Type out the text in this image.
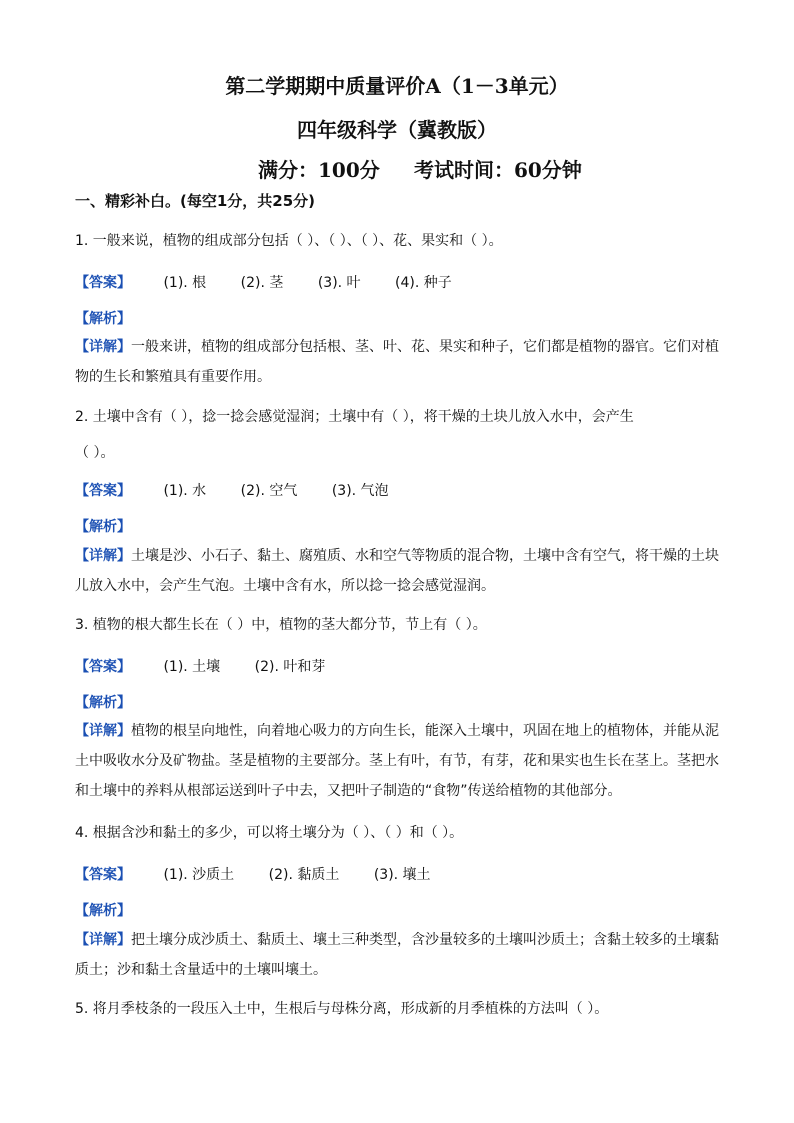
第二学期期中质量评价A（1－3单元）
四年级科学（冀教版）
满分：100分 考试时间：60分钟
一、精彩补白。(每空1分，共25分)
1. 一般来说，植物的组成部分包括（ ）、（ ）、（ ）、花、果实和（ ）。
【答案】 (1). 根 (2). 茎 (3). 叶 (4). 种子
【解析】
【详解】一般来讲，植物的组成部分包括根、茎、叶、花、果实和种子，它们都是植物的器官。它们对植物的生长和繁殖具有重要作用。
2. 土壤中含有（ ），捻一捻会感觉湿润；土壤中有（ ），将干燥的土块儿放入水中，会产生
（ ）。
【答案】 (1). 水 (2). 空气 (3). 气泡
【解析】
【详解】土壤是沙、小石子、黏土、腐殖质、水和空气等物质的混合物，土壤中含有空气，将干燥的土块儿放入水中，会产生气泡。土壤中含有水，所以捻一捻会感觉湿润。
3. 植物的根大都生长在（ ）中，植物的茎大都分节，节上有（ ）。
【答案】 (1). 土壤 (2). 叶和芽
【解析】
【详解】植物的根呈向地性，向着地心吸力的方向生长，能深入土壤中，巩固在地上的植物体，并能从泥土中吸收水分及矿物盐。茎是植物的主要部分。茎上有叶，有节，有芽，花和果实也生长在茎上。茎把水和土壤中的养料从根部运送到叶子中去，又把叶子制造的“食物”传送给植物的其他部分。
4. 根据含沙和黏土的多少，可以将土壤分为（ ）、（ ）和（ ）。
【答案】 (1). 沙质土 (2). 黏质土 (3). 壤土
【解析】
【详解】把土壤分成沙质土、黏质土、壤土三种类型，含沙量较多的土壤叫沙质土；含黏土较多的土壤黏质土；沙和黏土含量适中的土壤叫壤土。
5. 将月季枝条的一段压入土中，生根后与母株分离，形成新的月季植株的方法叫（ ）。
